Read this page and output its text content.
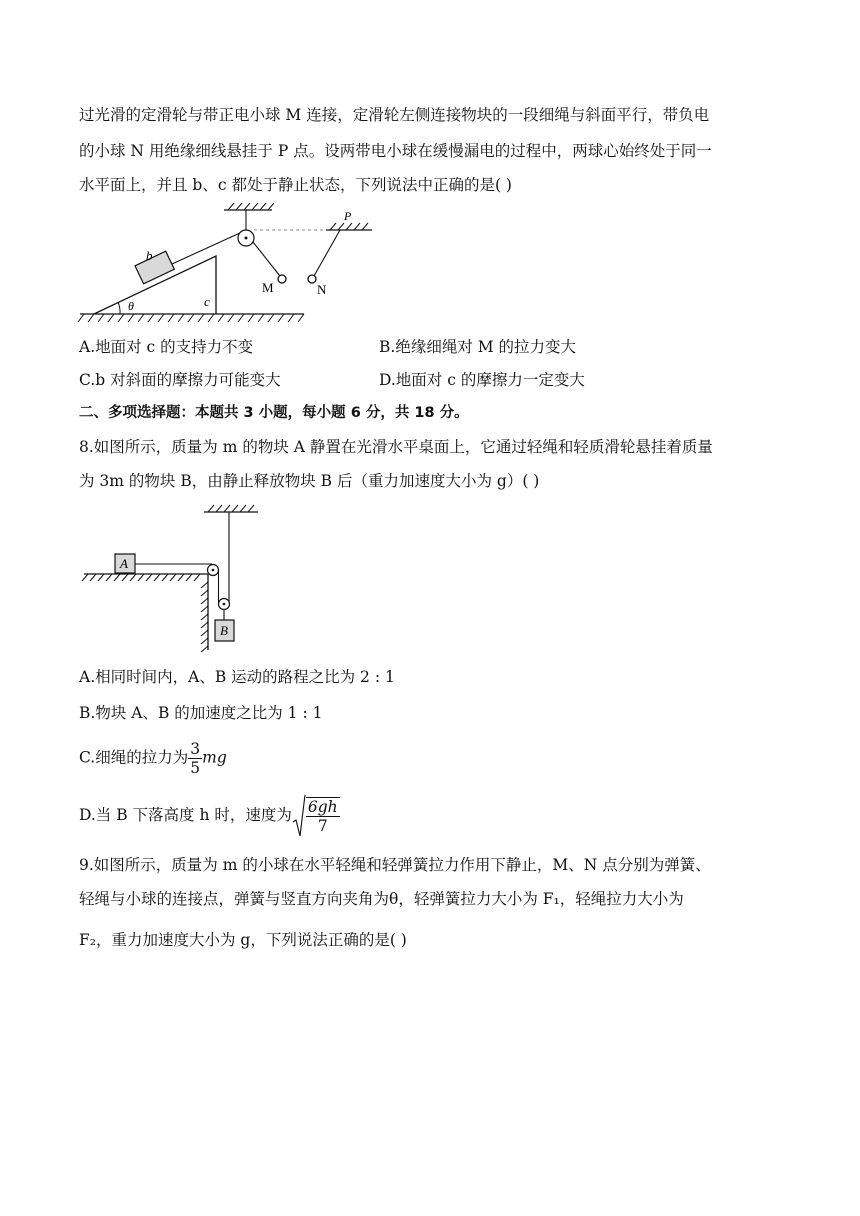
过光滑的定滑轮与带正电小球 M 连接，定滑轮左侧连接物块的一段细绳与斜面平行，带负电
的小球 N 用绝缘细线悬挂于 P 点。设两带电小球在缓慢漏电的过程中，两球心始终处于同一
水平面上，并且 b、c 都处于静止状态，下列说法中正确的是( )
c
θ
b
M
P
N
A.地面对 c 的支持力不变	B.绝缘细绳对 M 的拉力变大
C.b 对斜面的摩擦力可能变大	D.地面对 c 的摩擦力一定变大
二、多项选择题：本题共 3 小题，每小题 6 分，共 18 分。
8.如图所示，质量为 m 的物块 A 静置在光滑水平桌面上，它通过轻绳和轻质滑轮悬挂着质量
为 3m 的物块 B，由静止释放物块 B 后（重力加速度大小为 g）( )
A
B
A.相同时间内，A、B 运动的路程之比为 2 : 1
B.物块 A、B 的加速度之比为 1 : 1
C.细绳的拉力为 $\frac{3}{5}$ mg
D.当 B 下落高度 h 时，速度为 $\frac{6gh}{7}$
9.如图所示，质量为 m 的小球在水平轻绳和轻弹簧拉力作用下静止，M、N 点分别为弹簧、
轻绳与小球的连接点，弹簧与竖直方向夹角为θ，轻弹簧拉力大小为 F₁，轻绳拉力大小为
F₂，重力加速度大小为 g，下列说法正确的是( )
